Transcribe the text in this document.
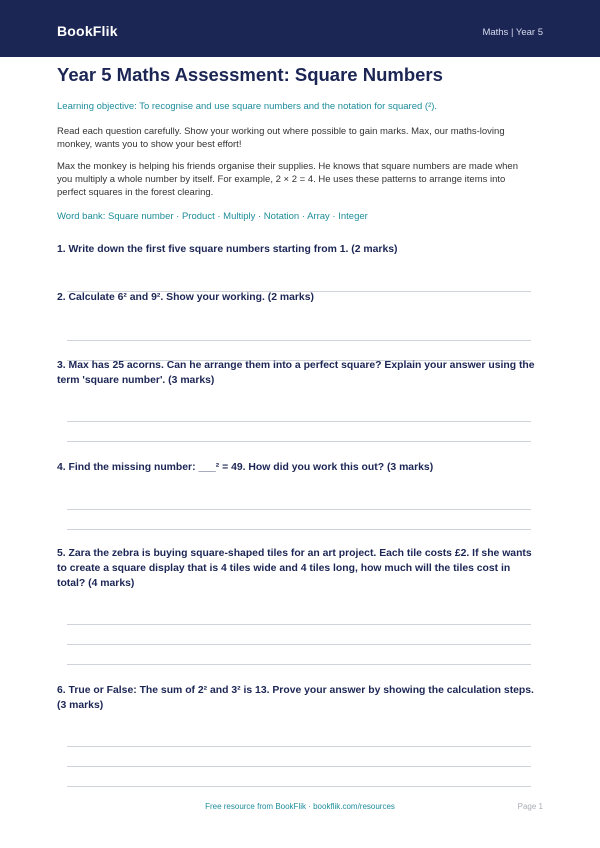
BookFlik	Maths | Year 5
Year 5 Maths Assessment: Square Numbers
Learning objective: To recognise and use square numbers and the notation for squared (²).

Read each question carefully. Show your working out where possible to gain marks. Max, our maths-loving monkey, wants you to show your best effort!

Max the monkey is helping his friends organise their supplies. He knows that square numbers are made when you multiply a whole number by itself. For example, 2 × 2 = 4. He uses these patterns to arrange items into perfect squares in the forest clearing.

Word bank: Square number · Product · Multiply · Notation · Array · Integer

1. Write down the first five square numbers starting from 1. (2 marks)

2. Calculate 6² and 9². Show your working. (2 marks)

3. Max has 25 acorns. Can he arrange them into a perfect square? Explain your answer using the term 'square number'. (3 marks)

4. Find the missing number: ___² = 49. How did you work this out? (3 marks)

5. Zara the zebra is buying square-shaped tiles for an art project. Each tile costs £2. If she wants to create a square display that is 4 tiles wide and 4 tiles long, how much will the tiles cost in total? (4 marks)

6. True or False: The sum of 2² and 3² is 13. Prove your answer by showing the calculation steps. (3 marks)

Free resource from BookFlik · bookflik.com/resources	Page 1
